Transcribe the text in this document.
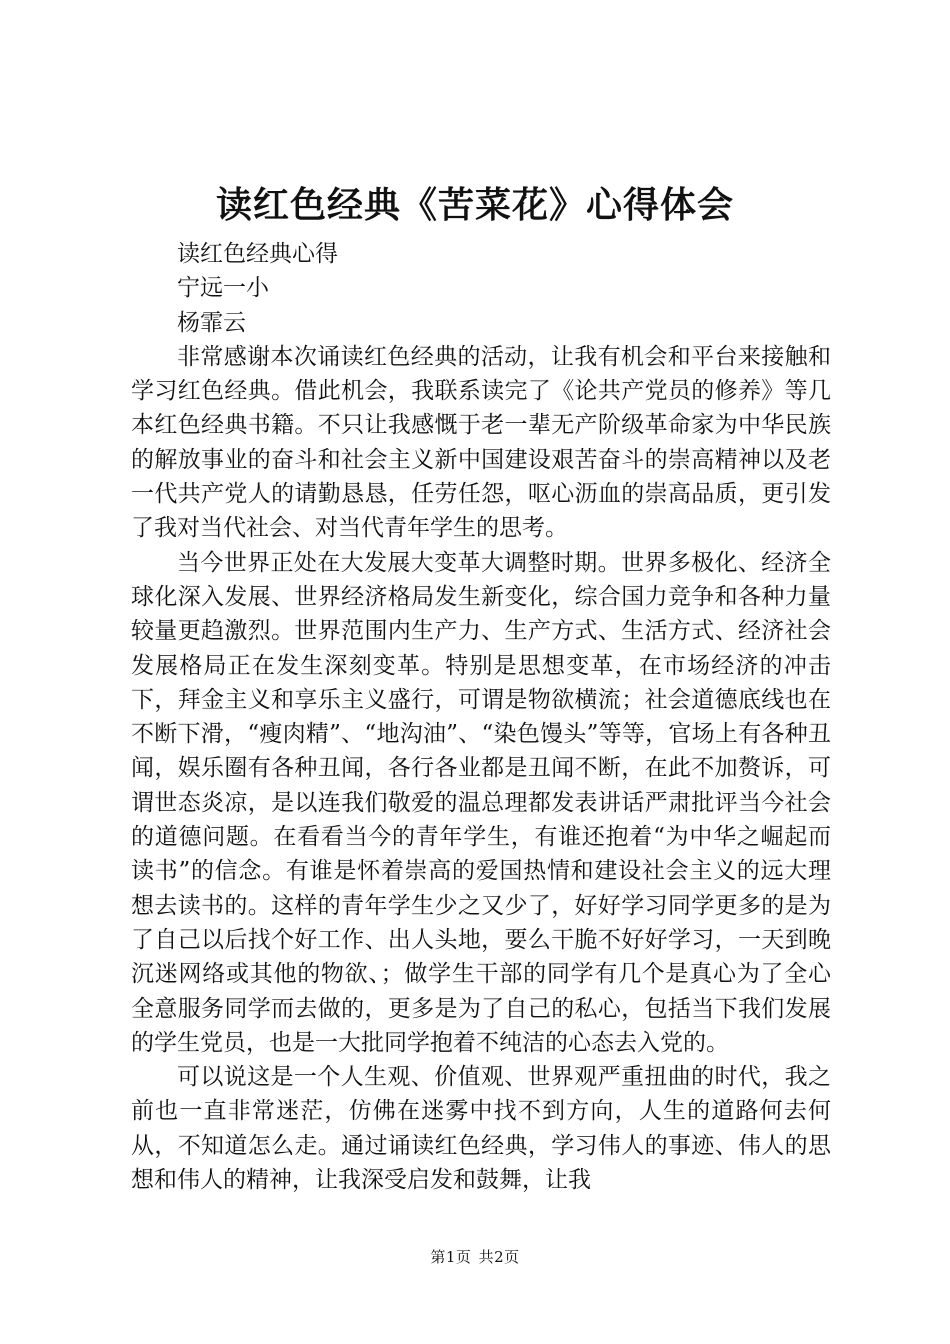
读红色经典《苦菜花》心得体会

读红色经典心得

宁远一小

杨霏云

非常感谢本次诵读红色经典的活动，让我有机会和平台来接触和学习红色经典。借此机会，我联系读完了《论共产党员的修养》等几本红色经典书籍。不只让我感慨于老一辈无产阶级革命家为中华民族的解放事业的奋斗和社会主义新中国建设艰苦奋斗的崇高精神以及老一代共产党人的请勤恳恳，任劳任怨，呕心沥血的崇高品质，更引发了我对当代社会、对当代青年学生的思考。

当今世界正处在大发展大变革大调整时期。世界多极化、经济全球化深入发展、世界经济格局发生新变化，综合国力竞争和各种力量较量更趋激烈。世界范围内生产力、生产方式、生活方式、经济社会发展格局正在发生深刻变革。特别是思想变革，在市场经济的冲击下，拜金主义和享乐主义盛行，可谓是物欲横流；社会道德底线也在不断下滑，“瘦肉精”、“地沟油”、“染色馒头”等等，官场上有各种丑闻，娱乐圈有各种丑闻，各行各业都是丑闻不断，在此不加赘诉，可谓世态炎凉，是以连我们敬爱的温总理都发表讲话严肃批评当今社会的道德问题。在看看当今的青年学生，有谁还抱着“为中华之崛起而读书”的信念。有谁是怀着崇高的爱国热情和建设社会主义的远大理想去读书的。这样的青年学生少之又少了，好好学习同学更多的是为了自己以后找个好工作、出人头地，要么干脆不好好学习，一天到晚沉迷网络或其他的物欲、；做学生干部的同学有几个是真心为了全心全意服务同学而去做的，更多是为了自己的私心，包括当下我们发展的学生党员，也是一大批同学抱着不纯洁的心态去入党的。

可以说这是一个人生观、价值观、世界观严重扭曲的时代，我之前也一直非常迷茫，仿佛在迷雾中找不到方向，人生的道路何去何从，不知道怎么走。通过诵读红色经典，学习伟人的事迹、伟人的思想和伟人的精神，让我深受启发和鼓舞，让我

第1页 共2页
